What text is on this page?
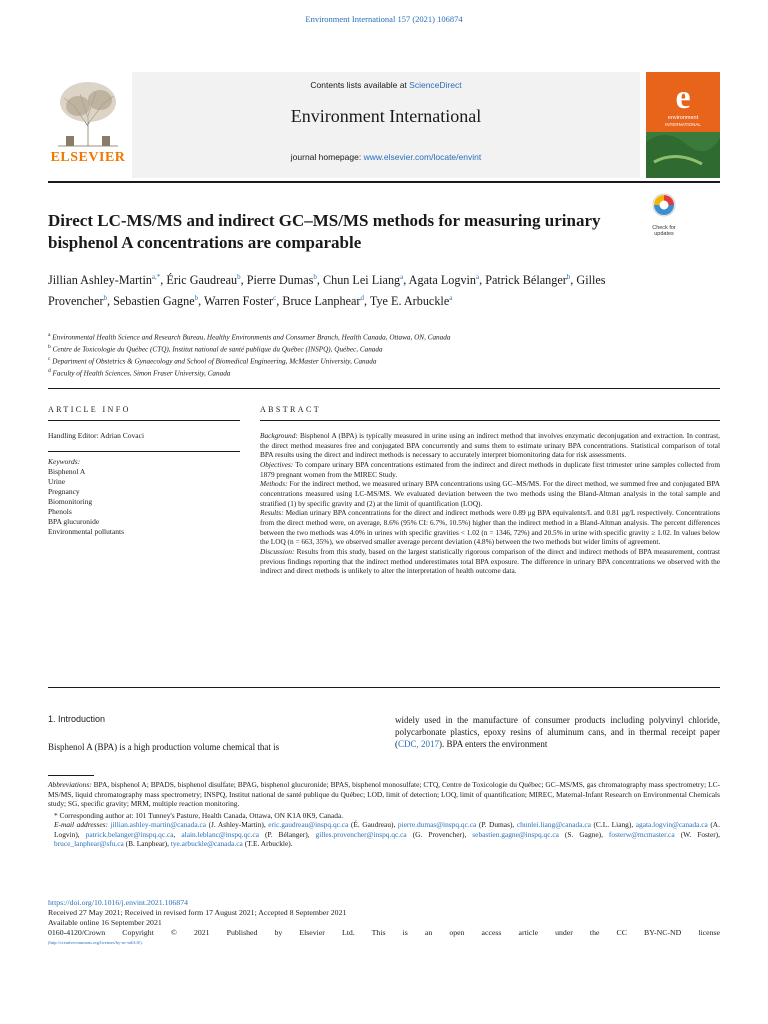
Environment International 157 (2021) 106874
ELSEVIER
Contents lists available at ScienceDirect
Environment International
journal homepage: www.elsevier.com/locate/envint
e
environment
INTERNATIONAL
Direct LC-MS/MS and indirect GC–MS/MS methods for measuring urinary bisphenol A concentrations are comparable
Check for updates
Jillian Ashley-Martin$^{a,*}$, Éric Gaudreau$^b$, Pierre Dumas$^b$, Chun Lei Liang$^a$, Agata Logvin$^a$, Patrick Bélanger$^b$, Gilles Provencher$^b$, Sebastien Gagne$^b$, Warren Foster$^c$, Bruce Lanphear$^d$, Tye E. Arbuckle$^a$
$^a$ Environmental Health Science and Research Bureau, Healthy Environments and Consumer Branch, Health Canada, Ottawa, ON, Canada
$^b$ Centre de Toxicologie du Québec (CTQ), Institut national de santé publique du Québec (INSPQ), Québec, Canada
$^c$ Department of Obstetrics & Gynaecology and School of Biomedical Engineering, McMaster University, Canada
$^d$ Faculty of Health Sciences, Simon Fraser University, Canada
ARTICLE INFO
Handling Editor: Adrian Covaci
Keywords:
Bisphenol A
Urine
Pregnancy
Biomonitoring
Phenols
BPA glucuronide
Environmental pollutants
ABSTRACT
Background: Bisphenol A (BPA) is typically measured in urine using an indirect method that involves enzymatic deconjugation and extraction. In contrast, the direct method measures free and conjugated BPA concurrently and sums them to estimate urinary BPA concentrations. Statistical comparison of total BPA results using the direct and indirect methods is necessary to accurately interpret biomonitoring data for risk assessments.
Objectives: To compare urinary BPA concentrations estimated from the indirect and direct methods in duplicate first trimester urine samples collected from 1879 pregnant women from the MIREC Study.
Methods: For the indirect method, we measured urinary BPA concentrations using GC–MS/MS. For the direct method, we summed free and conjugated BPA concentrations measured using LC-MS/MS. We evaluated deviation between the two methods using the Bland-Altman analysis in the total sample and stratified (1) by specific gravity and (2) at the limit of quantification (LOQ).
Results: Median urinary BPA concentrations for the direct and indirect methods were 0.89 μg BPA equivalents/L and 0.81 μg/L respectively. Concentrations from the direct method were, on average, 8.6% (95% CI: 6.7%, 10.5%) higher than the indirect method in a Bland-Altman analysis. The percent differences between the two methods was 4.0% in urines with specific gravities < 1.02 (n = 1346, 72%) and 20.5% in urine with specific gravity ≥ 1.02. In values below the LOQ (n = 663, 35%), we observed smaller average percent deviation (4.8%) between the two methods but wider limits of agreement.
Discussion: Results from this study, based on the largest statistically rigorous comparison of the direct and indirect methods of BPA measurement, contrast previous findings reporting that the indirect method underestimates total BPA exposure. The difference in urinary BPA concentrations we observed with the indirect and direct methods is unlikely to alter the interpretation of health outcome data.
1. Introduction
Bisphenol A (BPA) is a high production volume chemical that is
widely used in the manufacture of consumer products including polyvinyl chloride, polycarbonate plastics, epoxy resins of aluminum cans, and in thermal receipt paper (CDC, 2017). BPA enters the environment
Abbreviations: BPA, bisphenol A; BPADS, bisphenol disulfate; BPAG, bisphenol glucuronide; BPAS, bisphenol monosulfate; CTQ, Centre de Toxicologie du Québec; GC–MS/MS, gas chromatography mass spectrometry; LC-MS/MS, liquid chromatography mass spectrometry; INSPQ, Institut national de santé publique du Québec; LOD, limit of detection; LOQ, limit of quantification; MIREC, Maternal-Infant Research on Environmental Chemicals study; SG, specific gravity; MRM, multiple reaction monitoring.
* Corresponding author at: 101 Tunney's Pasture, Health Canada, Ottawa, ON K1A 0K9, Canada.
E-mail addresses: jillian.ashley-martin@canada.ca (J. Ashley-Martin), eric.gaudreau@inspq.qc.ca (É. Gaudreau), pierre.dumas@inspq.qc.ca (P. Dumas), chunlei.liang@canada.ca (C.L. Liang), agata.logvin@canada.ca (A. Logvin), patrick.belanger@inspq.qc.ca, alain.leblanc@inspq.qc.ca (P. Bélanger), gilles.provencher@inspq.qc.ca (G. Provencher), sebastien.gagne@inspq.qc.ca (S. Gagne), fosterw@mcmaster.ca (W. Foster), bruce_lanphear@sfu.ca (B. Lanphear), tye.arbuckle@canada.ca (T.E. Arbuckle).
https://doi.org/10.1016/j.envint.2021.106874
Received 27 May 2021; Received in revised form 17 August 2021; Accepted 8 September 2021
Available online 16 September 2021
0160-4120/Crown Copyright © 2021 Published by Elsevier Ltd. This is an open access article under the CC BY-NC-ND license
(http://creativecommons.org/licenses/by-nc-nd/4.0/).
